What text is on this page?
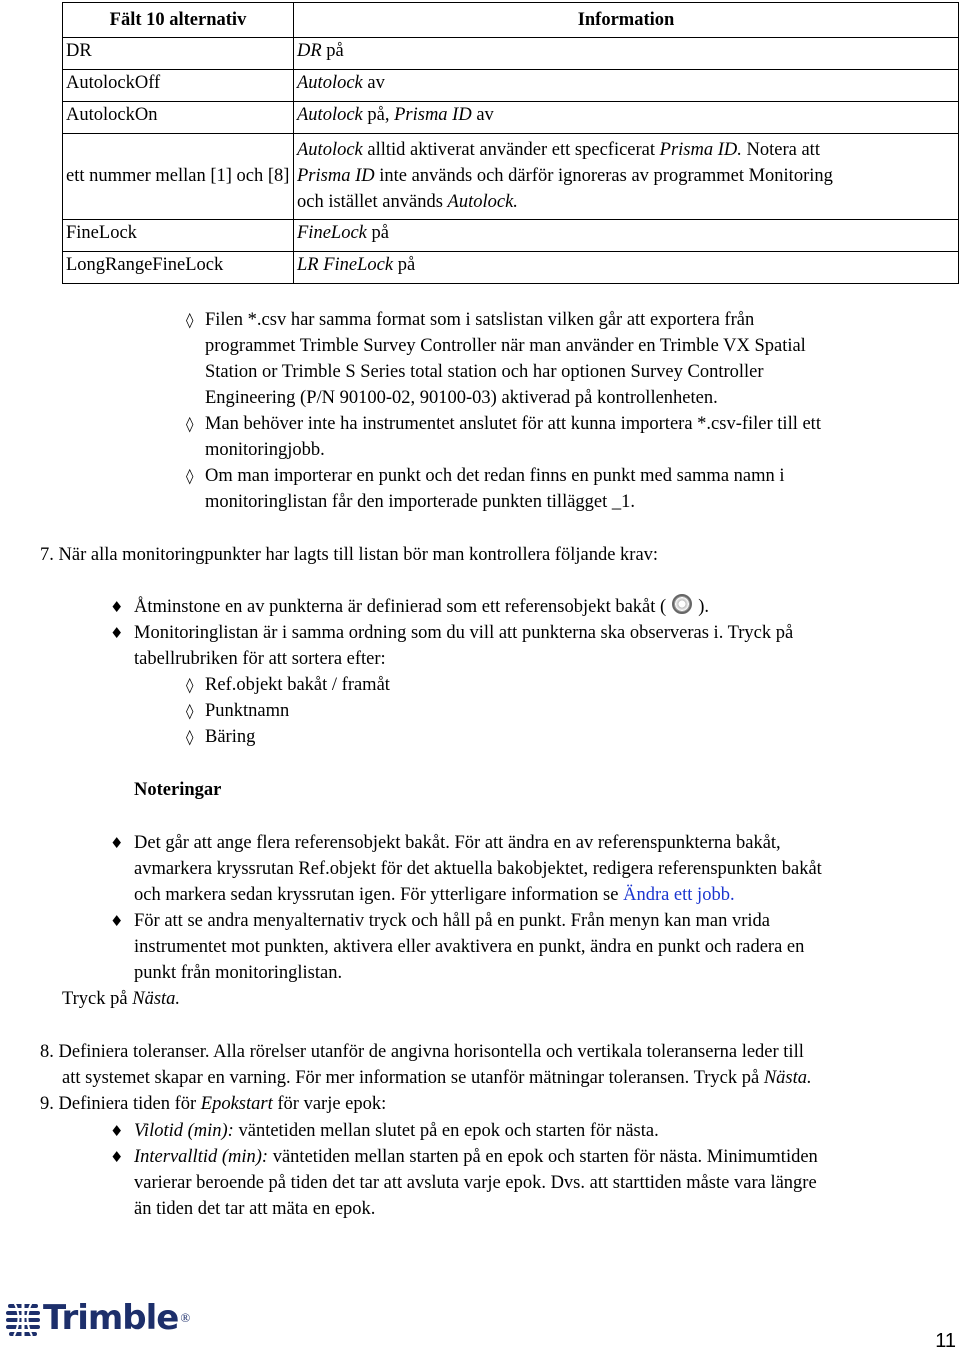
Fält 10 alternativ	Information
DR	DR på
AutolockOff	Autolock av
AutolockOn	Autolock på, Prisma ID av
ett nummer mellan [1] och [8]	Autolock alltid aktiverat använder ett specficerat Prisma ID. Notera att
Prisma ID inte används och därför ignoreras av programmet Monitoring
och istället används Autolock.

FineLock	FineLock på
LongRangeFineLock	LR FineLock på
◊ Filen *.csv har samma format som i satslistan vilken går att exportera från
programmet Trimble Survey Controller när man använder en Trimble VX Spatial
Station or Trimble S Series total station och har optionen Survey Controller
Engineering (P/N 90100-02, 90100-03) aktiverad på kontrollenheten.
◊ Man behöver inte ha instrumentet anslutet för att kunna importera *.csv-filer till ett
monitoringjobb.
◊ Om man importerar en punkt och det redan finns en punkt med samma namn i
monitoringlistan får den importerade punkten tillägget _1.
7. När alla monitoringpunkter har lagts till listan bör man kontrollera följande krav:
♦ Åtminstone en av punkterna är definierad som ett referensobjekt bakåt ( ).
♦ Monitoringlistan är i samma ordning som du vill att punkterna ska observeras i. Tryck på
tabellrubriken för att sortera efter:
◊ Ref.objekt bakåt / framåt
◊ Punktnamn
◊ Bäring
Noteringar
♦ Det går att ange flera referensobjekt bakåt. För att ändra en av referenspunkterna bakåt,
avmarkera kryssrutan Ref.objekt för det aktuella bakobjektet, redigera referenspunkten bakåt
och markera sedan kryssrutan igen. För ytterligare information se Ändra ett jobb.
♦ För att se andra menyalternativ tryck och håll på en punkt. Från menyn kan man vrida
instrumentet mot punkten, aktivera eller avaktivera en punkt, ändra en punkt och radera en
punkt från monitoringlistan.
Tryck på Nästa.
8. Definiera toleranser. Alla rörelser utanför de angivna horisontella och vertikala toleranserna leder till
att systemet skapar en varning. För mer information se utanför mätningar toleransen. Tryck på Nästa.
9. Definiera tiden för Epokstart för varje epok:
♦ Vilotid (min): väntetiden mellan slutet på en epok och starten för nästa.
♦ Intervalltid (min): väntetiden mellan starten på en epok och starten för nästa. Minimumtiden
varierar beroende på tiden det tar att avsluta varje epok. Dvs. att starttiden måste vara längre
än tiden det tar att mäta en epok.
Trimble ®
11
